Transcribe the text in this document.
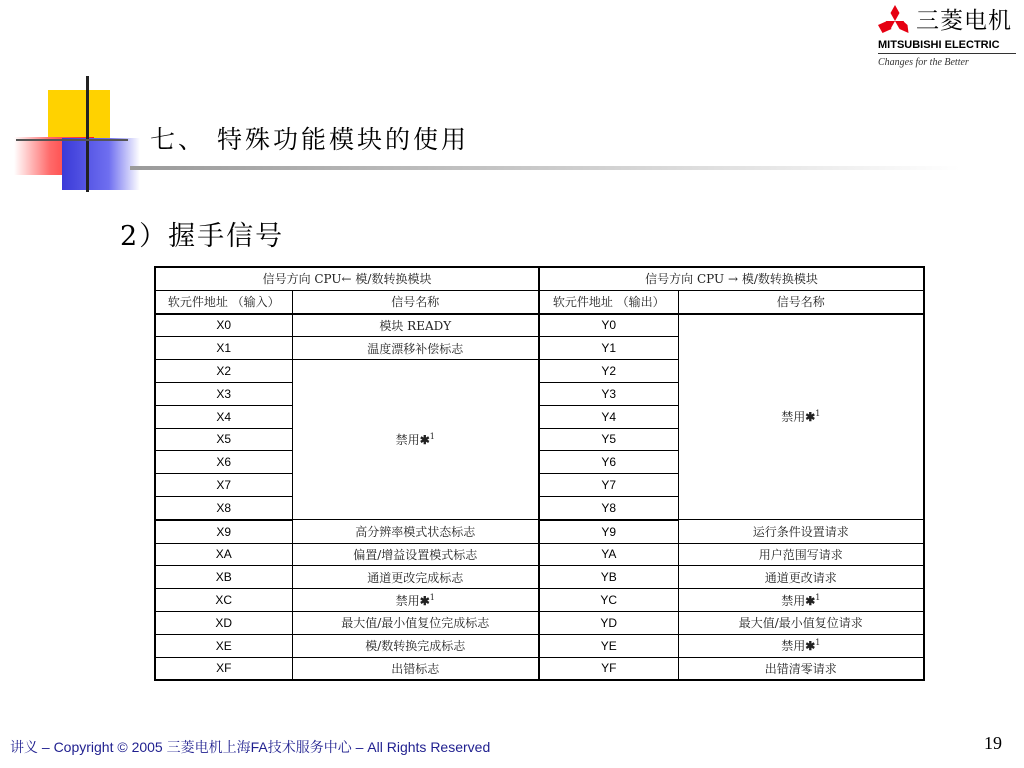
三菱电机
MITSUBISHI ELECTRIC
Changes for the Better
七、 特殊功能模块的使用
2）握手信号
信号方向 CPU← 模/数转换模块		信号方向 CPU → 模/数转换模块	
软元件地址 （输入）	信号名称	软元件地址 （输出）	信号名称
X0	模块 READY	Y0	禁用✱$^1$
X1	温度漂移补偿标志	Y1	
X2	禁用✱$^1$	Y2	
X3		Y3	
X4		Y4	
X5		Y5	
X6		Y6	
X7		Y7	
X8		Y8	
X9	高分辨率模式状态标志	Y9	运行条件设置请求
XA	偏置/增益设置模式标志	YA	用户范围写请求
XB	通道更改完成标志	YB	通道更改请求
XC	禁用✱$^1$	YC	禁用✱$^1$
XD	最大值/最小值复位完成标志	YD	最大值/最小值复位请求
XE	模/数转换完成标志	YE	禁用✱$^1$
XF	出错标志	YF	出错清零请求
讲义 – Copyright © 2005 三菱电机上海FA技术服务中心 – All Rights Reserved	19
